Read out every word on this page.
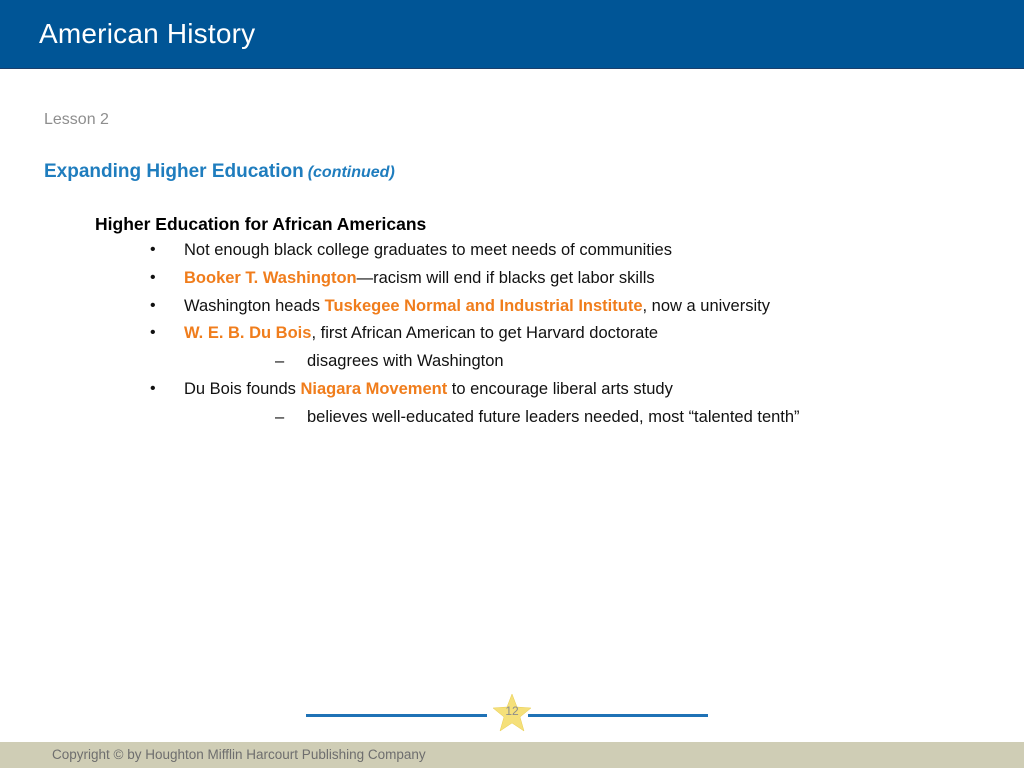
American History
Lesson 2
Expanding Higher Education (continued)
Higher Education for African Americans
• Not enough black college graduates to meet needs of communities
• Booker T. Washington—racism will end if blacks get labor skills
• Washington heads Tuskegee Normal and Industrial Institute, now a university
• W. E. B. Du Bois, first African American to get Harvard doctorate
– disagrees with Washington
• Du Bois founds Niagara Movement to encourage liberal arts study
– believes well-educated future leaders needed, most “talented tenth”
12
Copyright © by Houghton Mifflin Harcourt Publishing Company
